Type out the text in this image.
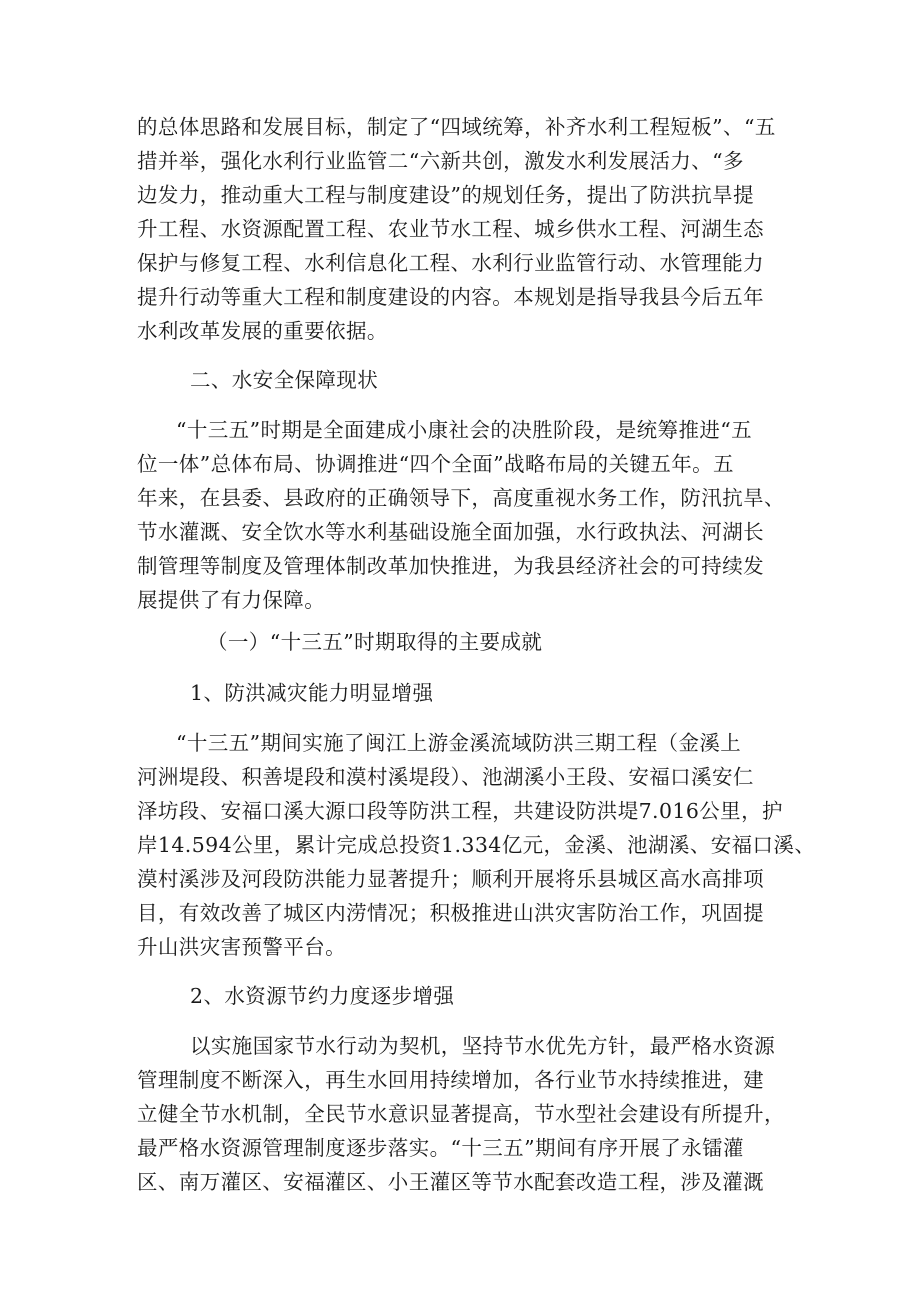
的总体思路和发展目标，制定了“四域统筹，补齐水利工程短板”、“五
措并举，强化水利行业监管二“六新共创，激发水利发展活力、“多
边发力，推动重大工程与制度建设”的规划任务，提出了防洪抗旱提
升工程、水资源配置工程、农业节水工程、城乡供水工程、河湖生态
保护与修复工程、水利信息化工程、水利行业监管行动、水管理能力
提升行动等重大工程和制度建设的内容。本规划是指导我县今后五年
水利改革发展的重要依据。
二、水安全保障现状
“十三五”时期是全面建成小康社会的决胜阶段，是统筹推进“五
位一体”总体布局、协调推进“四个全面”战略布局的关键五年。五
年来，在县委、县政府的正确领导下，高度重视水务工作，防汛抗旱、
节水灌溉、安全饮水等水利基础设施全面加强，水行政执法、河湖长
制管理等制度及管理体制改革加快推进，为我县经济社会的可持续发
展提供了有力保障。
（一）“十三五”时期取得的主要成就
1、防洪减灾能力明显增强
“十三五”期间实施了闽江上游金溪流域防洪三期工程（金溪上
河洲堤段、积善堤段和漠村溪堤段）、池湖溪小王段、安福口溪安仁
泽坊段、安福口溪大源口段等防洪工程，共建设防洪堤7.016公里，护
岸14.594公里，累计完成总投资1.334亿元，金溪、池湖溪、安福口溪、
漠村溪涉及河段防洪能力显著提升；顺利开展将乐县城区高水高排项
目，有效改善了城区内涝情况；积极推进山洪灾害防治工作，巩固提
升山洪灾害预警平台。
2、水资源节约力度逐步增强
以实施国家节水行动为契机，坚持节水优先方针，最严格水资源
管理制度不断深入，再生水回用持续增加，各行业节水持续推进，建
立健全节水机制，全民节水意识显著提高，节水型社会建设有所提升，
最严格水资源管理制度逐步落实。“十三五”期间有序开展了永镭灌
区、南万灌区、安福灌区、小王灌区等节水配套改造工程，涉及灌溉
